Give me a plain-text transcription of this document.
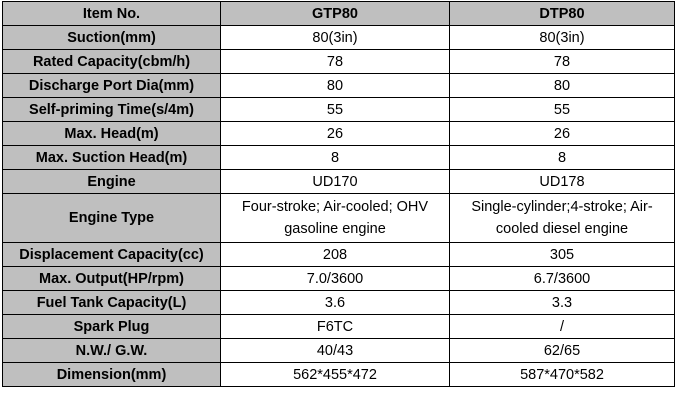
Item No.	GTP80	DTP80
Suction(mm)	80(3in)	80(3in)
Rated Capacity(cbm/h)	78	78
Discharge Port Dia(mm)	80	80
Self-priming Time(s/4m)	55	55
Max. Head(m)	26	26
Max. Suction Head(m)	8	8
Engine	UD170	UD178
Engine Type	Four-stroke; Air-cooled; OHV gasoline engine	Single-cylinder;4-stroke; Air-cooled diesel engine
Displacement Capacity(cc)	208	305
Max. Output(HP/rpm)	7.0/3600	6.7/3600
Fuel Tank Capacity(L)	3.6	3.3
Spark Plug	F6TC	/
N.W./ G.W.	40/43	62/65
Dimension(mm)	562*455*472	587*470*582
